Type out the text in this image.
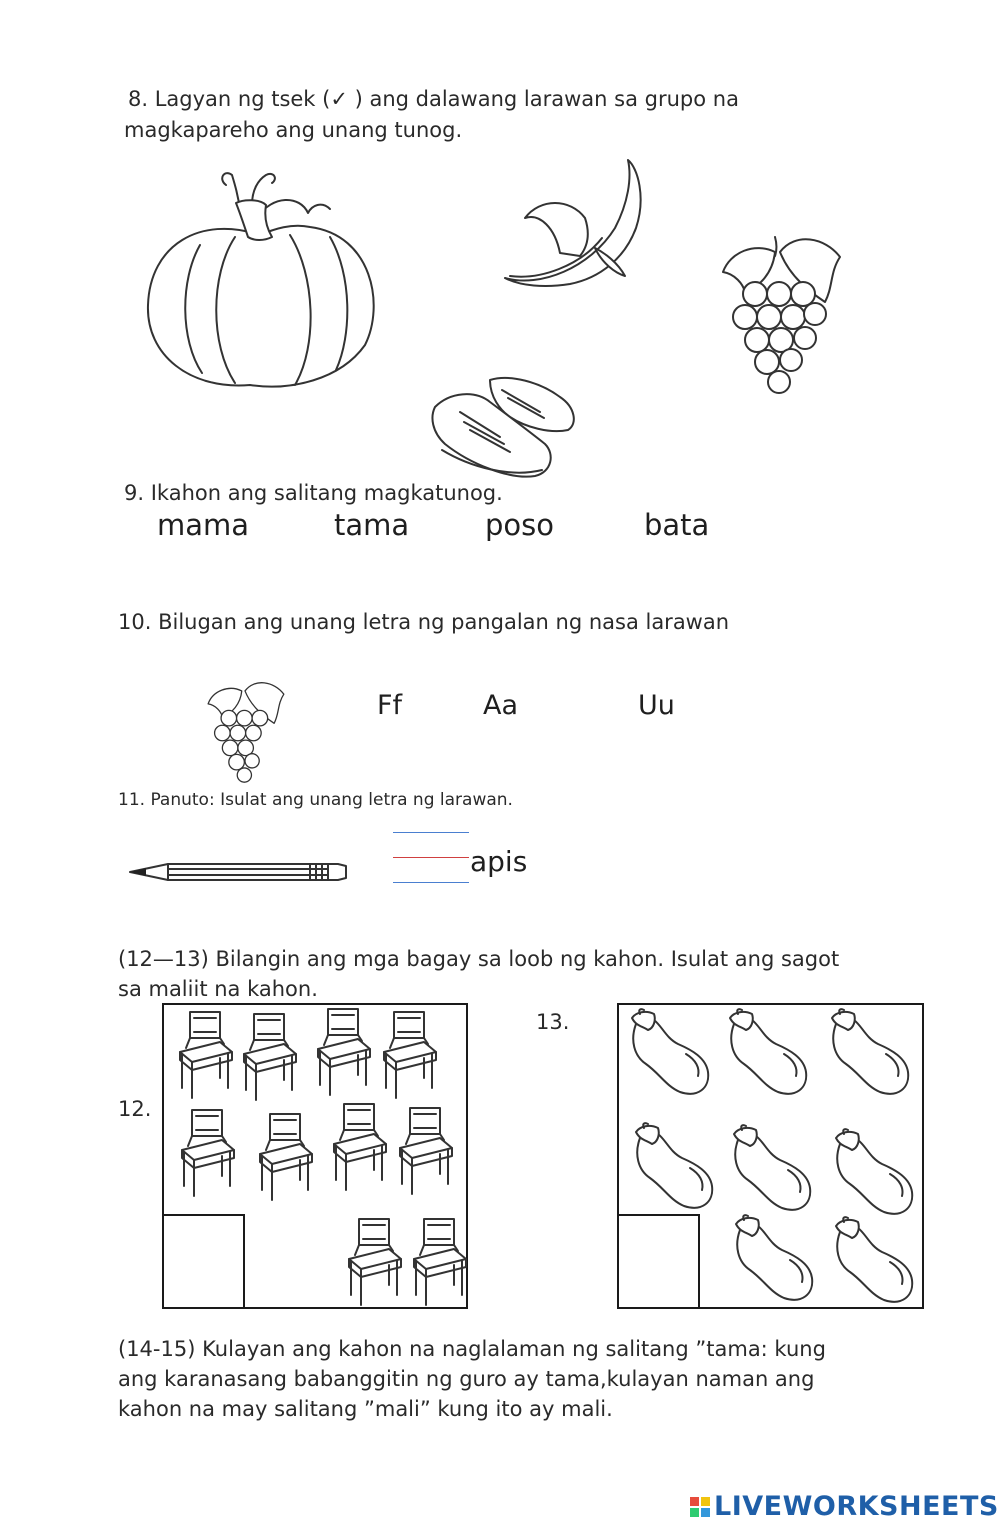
8. Lagyan ng tsek (✓ ) ang dalawang larawan sa grupo na
magkapareho ang unang tunog.
9. Ikahon ang salitang magkatunog.
mama	tama	poso	bata
10. Bilugan ang unang letra ng pangalan ng nasa larawan
Ff	Aa	Uu
11. Panuto: Isulat ang unang letra ng larawan.
apis
(12—13) Bilangin ang mga bagay sa loob ng kahon. Isulat ang sagot
sa maliit na kahon.
12.
13.
(14-15) Kulayan ang kahon na naglalaman ng salitang ”tama: kung
ang karanasang babanggitin ng guro ay tama,kulayan naman ang
kahon na may salitang ”mali” kung ito ay mali.
LIVEWORKSHEETS
